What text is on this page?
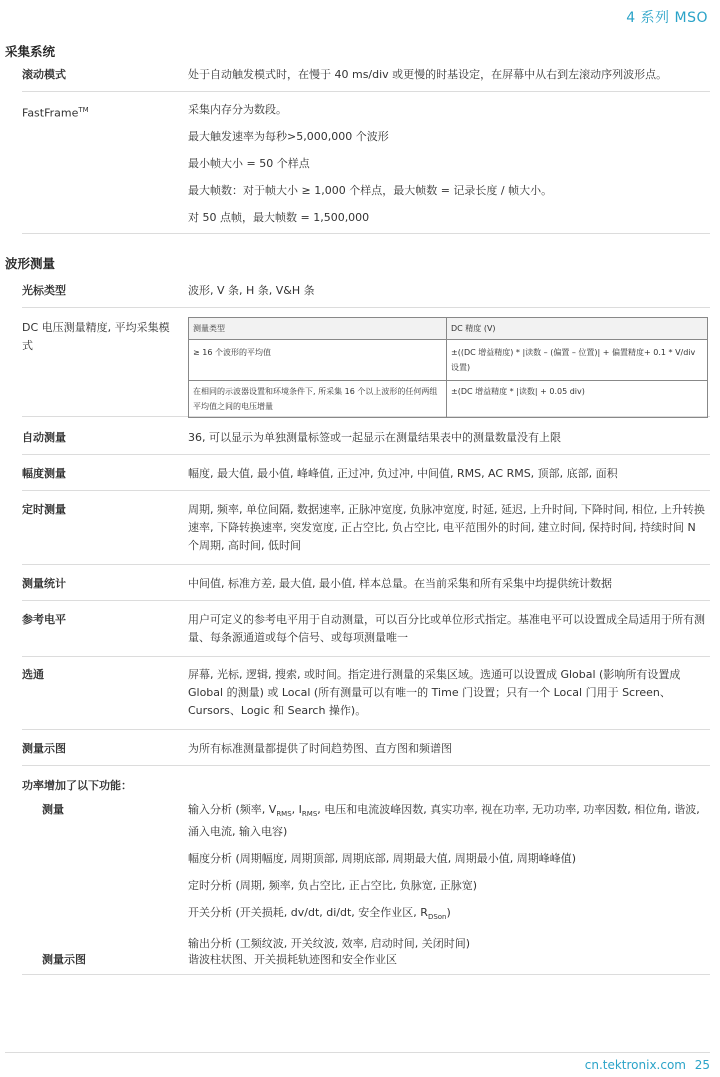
4 系列 MSO
采集系统
滚动模式	处于自动触发模式时，在慢于 40 ms/div 或更慢的时基设定，在屏幕中从右到左滚动序列波形点。
FastFrame™	采集内存分为数段。

最大触发速率为每秒>5,000,000 个波形

最小帧大小 = 50 个样点

最大帧数：对于帧大小 ≥ 1,000 个样点，最大帧数 = 记录长度 / 帧大小。

对 50 点帧，最大帧数 = 1,500,000

波形测量
光标类型	波形, V 条, H 条, V&H 条
DC 电压测量精度, 平均采集模式
测量类型	DC 精度 (V)
≥ 16 个波形的平均值	±((DC 增益精度) * |读数 – (偏置 – 位置)| + 偏置精度+ 0.1 * V/div 设置)
在相同的示波器设置和环境条件下, 所采集 16 个以上波形的任何两组平均值之间的电压增量	±(DC 增益精度 * |读数| + 0.05 div)
自动测量	36, 可以显示为单独测量标签或一起显示在测量结果表中的测量数量没有上限
幅度测量	幅度, 最大值, 最小值, 峰峰值, 正过冲, 负过冲, 中间值, RMS, AC RMS, 顶部, 底部, 面积
定时测量	周期, 频率, 单位间隔, 数据速率, 正脉冲宽度, 负脉冲宽度, 时延, 延迟, 上升时间, 下降时间, 相位, 上升转换速率, 下降转换速率, 突发宽度, 正占空比, 负占空比, 电平范围外的时间, 建立时间, 保持时间, 持续时间 N 个周期, 高时间, 低时间
测量统计	中间值, 标准方差, 最大值, 最小值, 样本总量。在当前采集和所有采集中均提供统计数据
参考电平	用户可定义的参考电平用于自动测量，可以百分比或单位形式指定。基准电平可以设置成全局适用于所有测量、每条源通道或每个信号、或每项测量唯一
选通	屏幕, 光标, 逻辑, 搜索, 或时间。指定进行测量的采集区域。选通可以设置成 Global (影响所有设置成 Global 的测量) 或 Local (所有测量可以有唯一的 Time 门设置；只有一个 Local 门用于 Screen、Cursors、Logic 和 Search 操作)。
测量示图	为所有标准测量都提供了时间趋势图、直方图和频谱图
功率增加了以下功能：
测量	输入分析 (频率, $V_{RMS}$, $I_{RMS}$, 电压和电流波峰因数, 真实功率, 视在功率, 无功功率, 功率因数, 相位角, 谐波, 涌入电流, 输入电容)

幅度分析 (周期幅度, 周期顶部, 周期底部, 周期最大值, 周期最小值, 周期峰峰值)

定时分析 (周期, 频率, 负占空比, 正占空比, 负脉宽, 正脉宽)

开关分析 (开关损耗, dv/dt, di/dt, 安全作业区, $R_{DSon}$)

输出分析 (工频纹波, 开关纹波, 效率, 启动时间, 关闭时间)

测量示图	谐波柱状图、开关损耗轨迹图和安全作业区
cn.tektronix.com 25
